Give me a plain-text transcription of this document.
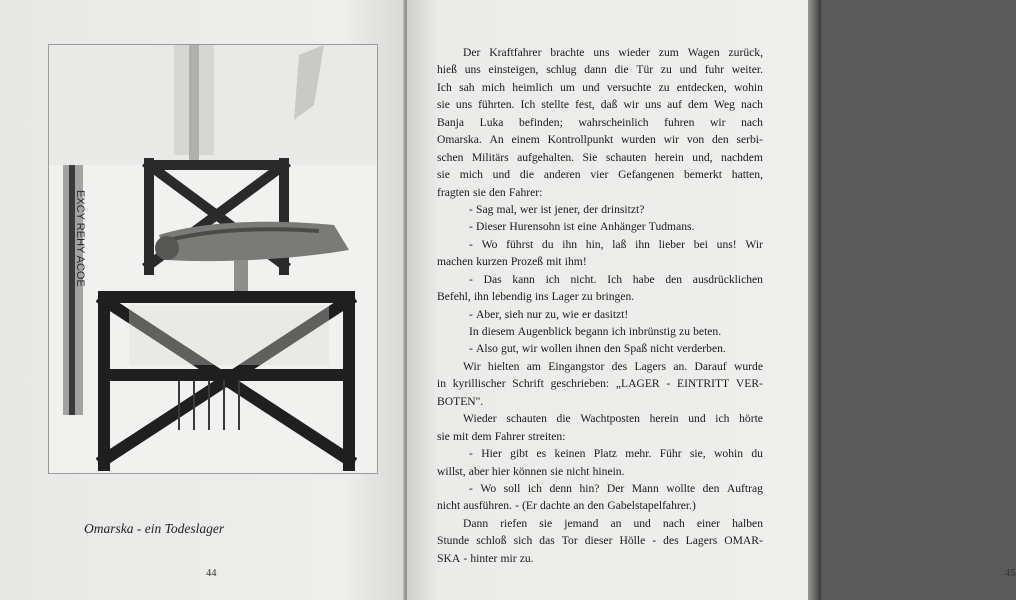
EXCY REHY ACOE
Omarska - ein Todeslager
44	45
Der Kraftfahrer brachte uns wieder zum Wagen zurück,
hieß uns einsteigen, schlug dann die Tür zu und fuhr weiter.
Ich sah mich heimlich um und versuchte zu entdecken, wohin
sie uns führten. Ich stellte fest, daß wir uns auf dem Weg nach
Banja Luka befinden; wahrscheinlich fuhren wir nach
Omarska. An einem Kontrollpunkt wurden wir von den serbi-
schen Militärs aufgehalten. Sie schauten herein und, nachdem
sie mich und die anderen vier Gefangenen bemerkt hatten,
fragten sie den Fahrer:
- Sag mal, wer ist jener, der drinsitzt?
- Dieser Hurensohn ist eine Anhänger Tudmans.
- Wo führst du ihn hin, laß ihn lieber bei uns! Wir
machen kurzen Prozeß mit ihm!
- Das kann ich nicht. Ich habe den ausdrücklichen
Befehl, ihn lebendig ins Lager zu bringen.
- Aber, sieh nur zu, wie er dasitzt!
In diesem Augenblick begann ich inbrünstig zu beten.
- Also gut, wir wollen ihnen den Spaß nicht verderben.
Wir hielten am Eingangstor des Lagers an. Darauf wurde
in kyrillischer Schrift geschrieben: „LAGER - EINTRITT VER-
BOTEN".
Wieder schauten die Wachtposten herein und ich hörte
sie mit dem Fahrer streiten:
- Hier gibt es keinen Platz mehr. Führ sie, wohin du
willst, aber hier können sie nicht hinein.
- Wo soll ich denn hin? Der Mann wollte den Auftrag
nicht ausführen. - (Er dachte an den Gabelstapelfahrer.)
Dann riefen sie jemand an und nach einer halben
Stunde schloß sich das Tor dieser Hölle - des Lagers OMAR-
SKA - hinter mir zu.
